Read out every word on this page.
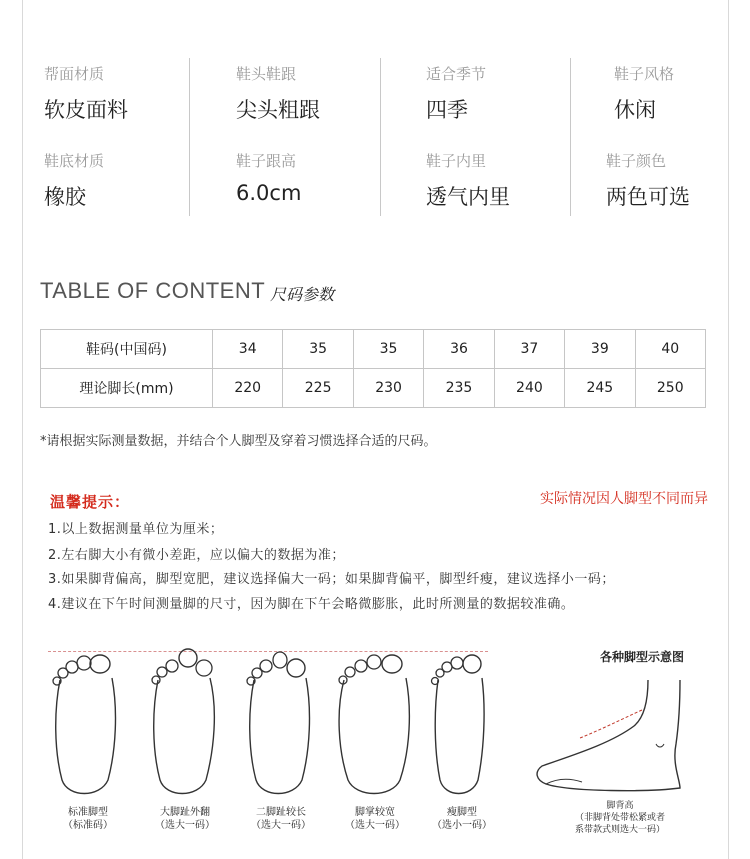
帮面材质
软皮面料
鞋头鞋跟
尖头粗跟
适合季节
四季
鞋子风格
休闲
鞋底材质
橡胶
鞋子跟高
6.0cm
鞋子内里
透气内里
鞋子颜色
两色可选
TABLE OF CONTENT 尺码参数
鞋码(中国码)	34	35	35	36	37	39	40
理论脚长(mm)	220	225	230	235	240	245	250
*请根据实际测量数据，并结合个人脚型及穿着习惯选择合适的尺码。
温馨提示：	实际情况因人脚型不同而异
1.以上数据测量单位为厘米；
2.左右脚大小有微小差距，应以偏大的数据为准；
3.如果脚背偏高，脚型宽肥，建议选择偏大一码；如果脚背偏平，脚型纤瘦，建议选择小一码；
4.建议在下午时间测量脚的尺寸，因为脚在下午会略微膨胀，此时所测量的数据较准确。
标准脚型
（标准码）
大脚趾外翻
（选大一码）
二脚趾较长
（选大一码）
脚掌较宽
（选大一码）
瘦脚型
（选小一码）
各种脚型示意图
脚背高
（非脚背处带松紧或者
系带款式则选大一码）
